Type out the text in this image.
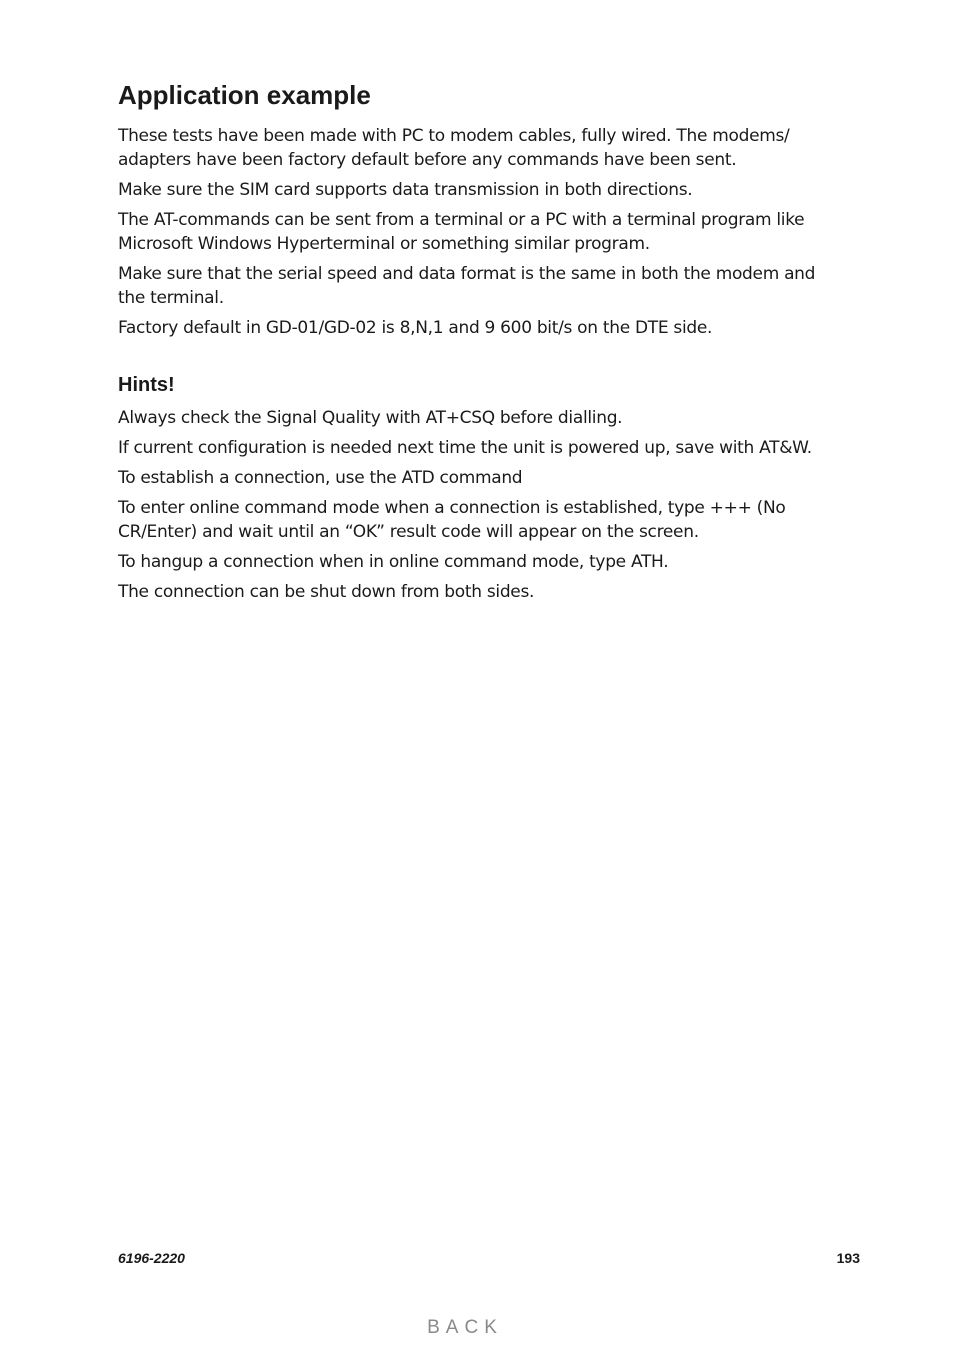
Application example

These tests have been made with PC to modem cables, fully wired. The modems/ adapters have been factory default before any commands have been sent.

Make sure the SIM card supports data transmission in both directions.

The AT-commands can be sent from a terminal or a PC with a terminal program like Microsoft Windows Hyperterminal or something similar program.

Make sure that the serial speed and data format is the same in both the modem and the terminal.

Factory default in GD-01/GD-02 is 8,N,1 and 9 600 bit/s on the DTE side.

Hints!

Always check the Signal Quality with AT+CSQ before dialling.

If current configuration is needed next time the unit is powered up, save with AT&W.

To establish a connection, use the ATD command

To enter online command mode when a connection is established, type +++ (No CR/Enter) and wait until an “OK” result code will appear on the screen.

To hangup a connection when in online command mode, type ATH.

The connection can be shut down from both sides.

6196-2220	193
BACK
